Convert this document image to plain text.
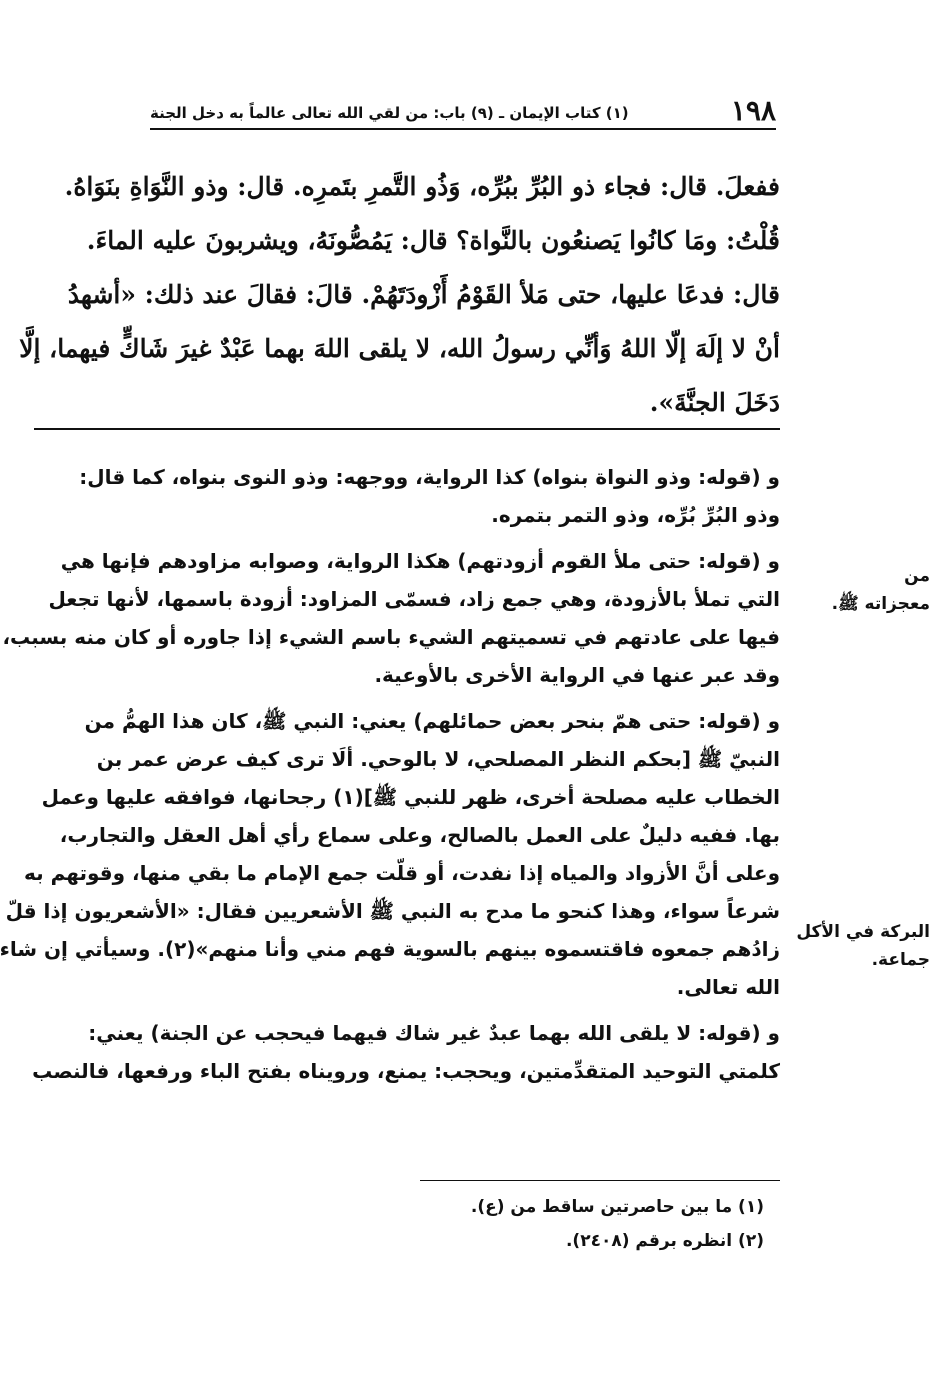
١٩٨
(١) كتاب الإيمان ـ (٩) باب: من لقي الله تعالى عالماً به دخل الجنة
ففعلَ. قال: فجاء ذو البُرِّ ببُرِّه، وَذُو التَّمرِ بتَمرِه. قال: وذو النَّوَاةِ بنَوَاهُ.
قُلْتُ: ومَا كانُوا يَصنعُون بالنَّواة؟ قال: يَمُصُّونَهُ، ويشربونَ عليه الماءَ.
قال: فدعَا عليها، حتى مَلأ القَوْمُ أَزْودَتَهُمْ. قالَ: فقالَ عند ذلك: «أشهدُ
أنْ لا إلَهَ إلّا اللهُ وَأنِّي رسولُ الله، لا يلقى اللهَ بهما عَبْدٌ غيرَ شَاكٍّ فيهما، إلَّا
دَخَلَ الجنَّةَ».

و (قوله: وذو النواة بنواه) كذا الرواية، ووجهه: وذو النوى بنواه، كما قال:
وذو البُرِّ بُرِّه، وذو التمر بتمره.

و (قوله: حتى ملأ القوم أزودتهم) هكذا الرواية، وصوابه مزاودهم فإنها هي
التي تملأ بالأزودة، وهي جمع زاد، فسمّى المزاود: أزودة باسمها، لأنها تجعل
فيها على عادتهم في تسميتهم الشيء باسم الشيء إذا جاوره أو كان منه بسبب،
وقد عبر عنها في الرواية الأخرى بالأوعية.

و (قوله: حتى همّ بنحر بعض حمائلهم) يعني: النبي ﷺ، كان هذا الهمُّ من
النبيّ ﷺ [بحكم النظر المصلحي، لا بالوحي. ألَا ترى كيف عرض عمر بن
الخطاب عليه مصلحة أخرى، ظهر للنبي ﷺ](١) رجحانها، فوافقه عليها وعمل
بها. ففيه دليلٌ على العمل بالصالح، وعلى سماع رأي أهل العقل والتجارب،
وعلى أنَّ الأزواد والمياه إذا نفدت، أو قلّت جمع الإمام ما بقي منها، وقوتهم به
شرعاً سواء، وهذا كنحو ما مدح به النبي ﷺ الأشعريين فقال: «الأشعريون إذا قلّ
زادُهم جمعوه فاقتسموه بينهم بالسوية فهم مني وأنا منهم»(٢). وسيأتي إن شاء
الله تعالى.

و (قوله: لا يلقى الله بهما عبدٌ غير شاك فيهما فيحجب عن الجنة) يعني:
كلمتي التوحيد المتقدِّمتين، ويحجب: يمنع، ورويناه بفتح الباء ورفعها، فالنصب

من
معجزاته ﷺ.
البركة في الأكل
جماعة.
(١) ما بين حاصرتين ساقط من (ع).
(٢) انظره برقم (٢٤٠٨).
